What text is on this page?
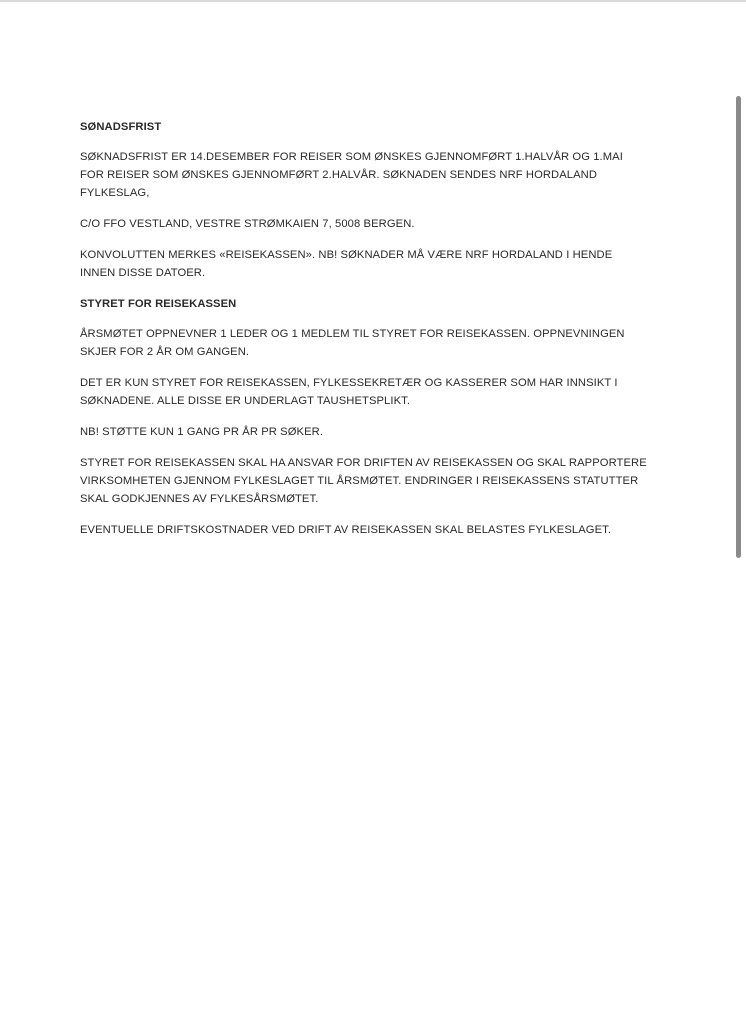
SØNADSFRIST

SØKNADSFRIST ER 14.DESEMBER FOR REISER SOM ØNSKES GJENNOMFØRT 1.HALVÅR OG 1.MAI FOR REISER SOM ØNSKES GJENNOMFØRT 2.HALVÅR. SØKNADEN SENDES NRF HORDALAND FYLKESLAG,

C/O FFO VESTLAND, VESTRE STRØMKAIEN 7, 5008 BERGEN.

KONVOLUTTEN MERKES «REISEKASSEN». NB! SØKNADER MÅ VÆRE NRF HORDALAND I HENDE INNEN DISSE DATOER.

STYRET FOR REISEKASSEN

ÅRSMØTET OPPNEVNER 1 LEDER OG 1 MEDLEM TIL STYRET FOR REISEKASSEN. OPPNEVNINGEN SKJER FOR 2 ÅR OM GANGEN.

DET ER KUN STYRET FOR REISEKASSEN, FYLKESSEKRETÆR OG KASSERER SOM HAR INNSIKT I SØKNADENE. ALLE DISSE ER UNDERLAGT TAUSHETSPLIKT.

NB! STØTTE KUN 1 GANG PR ÅR PR SØKER.

STYRET FOR REISEKASSEN SKAL HA ANSVAR FOR DRIFTEN AV REISEKASSEN OG SKAL RAPPORTERE VIRKSOMHETEN GJENNOM FYLKESLAGET TIL ÅRSMØTET. ENDRINGER I REISEKASSENS STATUTTER SKAL GODKJENNES AV FYLKESÅRSMØTET.

EVENTUELLE DRIFTSKOSTNADER VED DRIFT AV REISEKASSEN SKAL BELASTES FYLKESLAGET.
